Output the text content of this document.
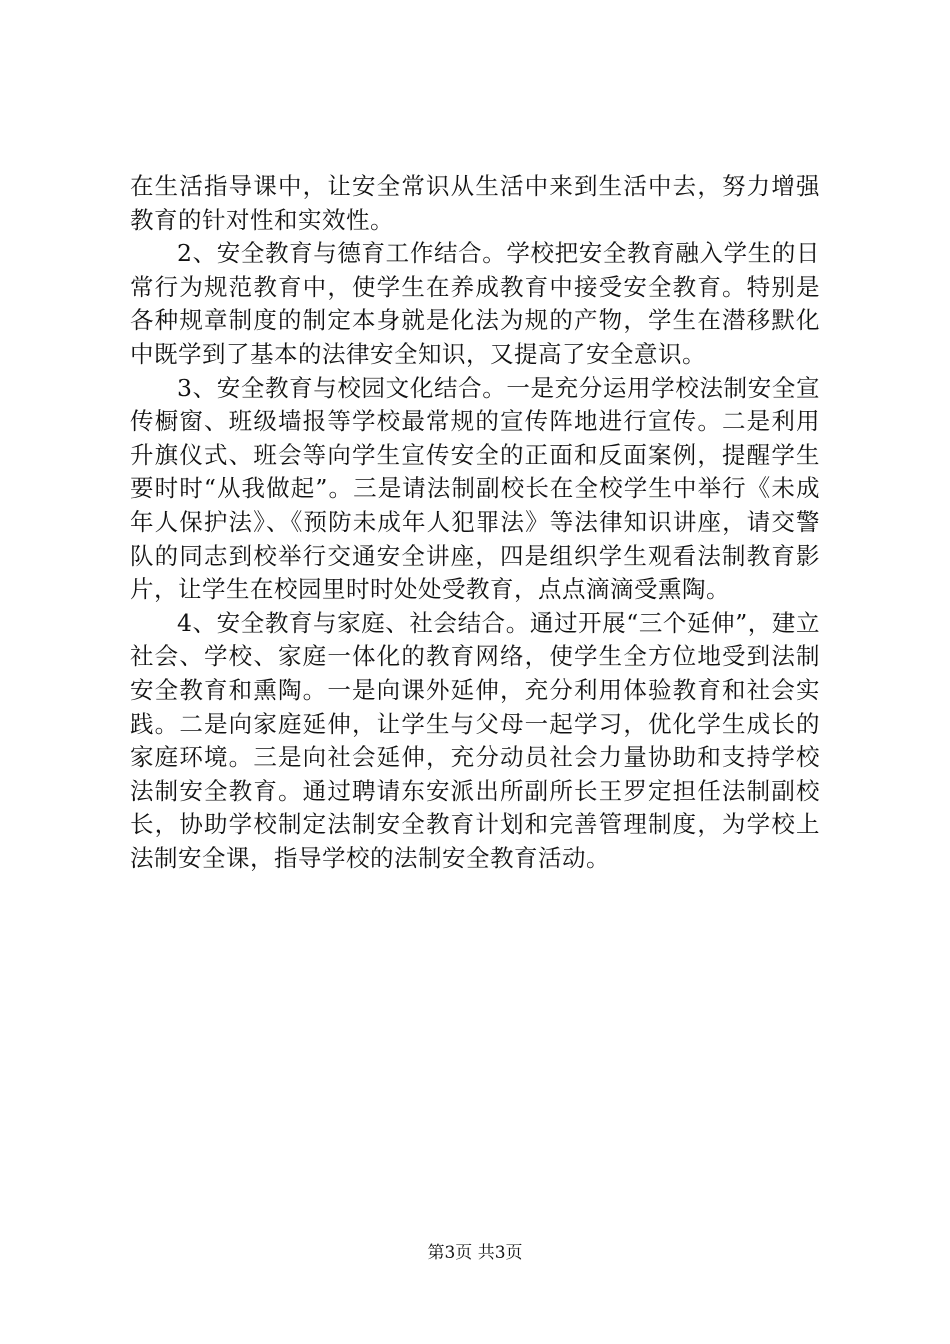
在生活指导课中，让安全常识从生活中来到生活中去，努力增强教育的针对性和实效性。

2、安全教育与德育工作结合。学校把安全教育融入学生的日常行为规范教育中，使学生在养成教育中接受安全教育。特别是各种规章制度的制定本身就是化法为规的产物，学生在潜移默化中既学到了基本的法律安全知识，又提高了安全意识。

3、安全教育与校园文化结合。一是充分运用学校法制安全宣传橱窗、班级墙报等学校最常规的宣传阵地进行宣传。二是利用升旗仪式、班会等向学生宣传安全的正面和反面案例，提醒学生要时时“从我做起”。三是请法制副校长在全校学生中举行《未成年人保护法》、《预防未成年人犯罪法》等法律知识讲座，请交警队的同志到校举行交通安全讲座，四是组织学生观看法制教育影片，让学生在校园里时时处处受教育，点点滴滴受熏陶。

4、安全教育与家庭、社会结合。通过开展“三个延伸”，建立社会、学校、家庭一体化的教育网络，使学生全方位地受到法制安全教育和熏陶。一是向课外延伸，充分利用体验教育和社会实践。二是向家庭延伸，让学生与父母一起学习，优化学生成长的家庭环境。三是向社会延伸，充分动员社会力量协助和支持学校法制安全教育。通过聘请东安派出所副所长王罗定担任法制副校长，协助学校制定法制安全教育计划和完善管理制度，为学校上法制安全课，指导学校的法制安全教育活动。

第3页 共3页
